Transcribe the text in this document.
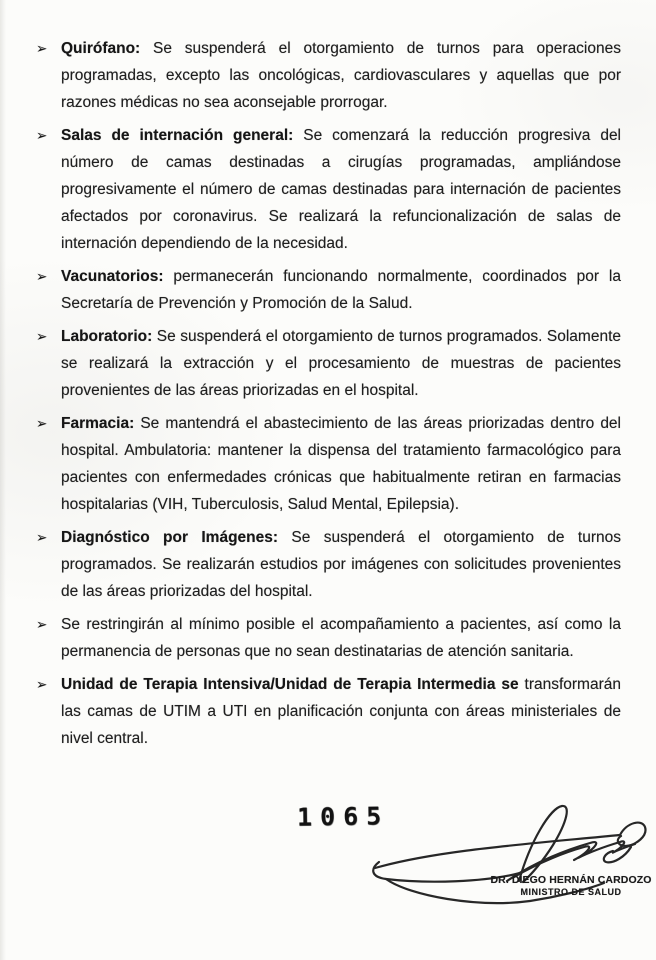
➢ Quirófano: Se suspenderá el otorgamiento de turnos para operaciones programadas, excepto las oncológicas, cardiovasculares y aquellas que por razones médicas no sea aconsejable prorrogar.
➢ Salas de internación general: Se comenzará la reducción progresiva del número de camas destinadas a cirugías programadas, ampliándose progresivamente el número de camas destinadas para internación de pacientes afectados por coronavirus. Se realizará la refuncionalización de salas de internación dependiendo de la necesidad.
➢ Vacunatorios: permanecerán funcionando normalmente, coordinados por la Secretaría de Prevención y Promoción de la Salud.
➢ Laboratorio: Se suspenderá el otorgamiento de turnos programados. Solamente se realizará la extracción y el procesamiento de muestras de pacientes provenientes de las áreas priorizadas en el hospital.
➢ Farmacia: Se mantendrá el abastecimiento de las áreas priorizadas dentro del hospital. Ambulatoria: mantener la dispensa del tratamiento farmacológico para pacientes con enfermedades crónicas que habitualmente retiran en farmacias hospitalarias (VIH, Tuberculosis, Salud Mental, Epilepsia).
➢ Diagnóstico por Imágenes: Se suspenderá el otorgamiento de turnos programados. Se realizarán estudios por imágenes con solicitudes provenientes de las áreas priorizadas del hospital.
➢ Se restringirán al mínimo posible el acompañamiento a pacientes, así como la permanencia de personas que no sean destinatarias de atención sanitaria.
➢ Unidad de Terapia Intensiva/Unidad de Terapia Intermedia se transformarán las camas de UTIM a UTI en planificación conjunta con áreas ministeriales de nivel central.
1065
DR. DIEGO HERNÁN CARDOZO
MINISTRO DE SALUD
